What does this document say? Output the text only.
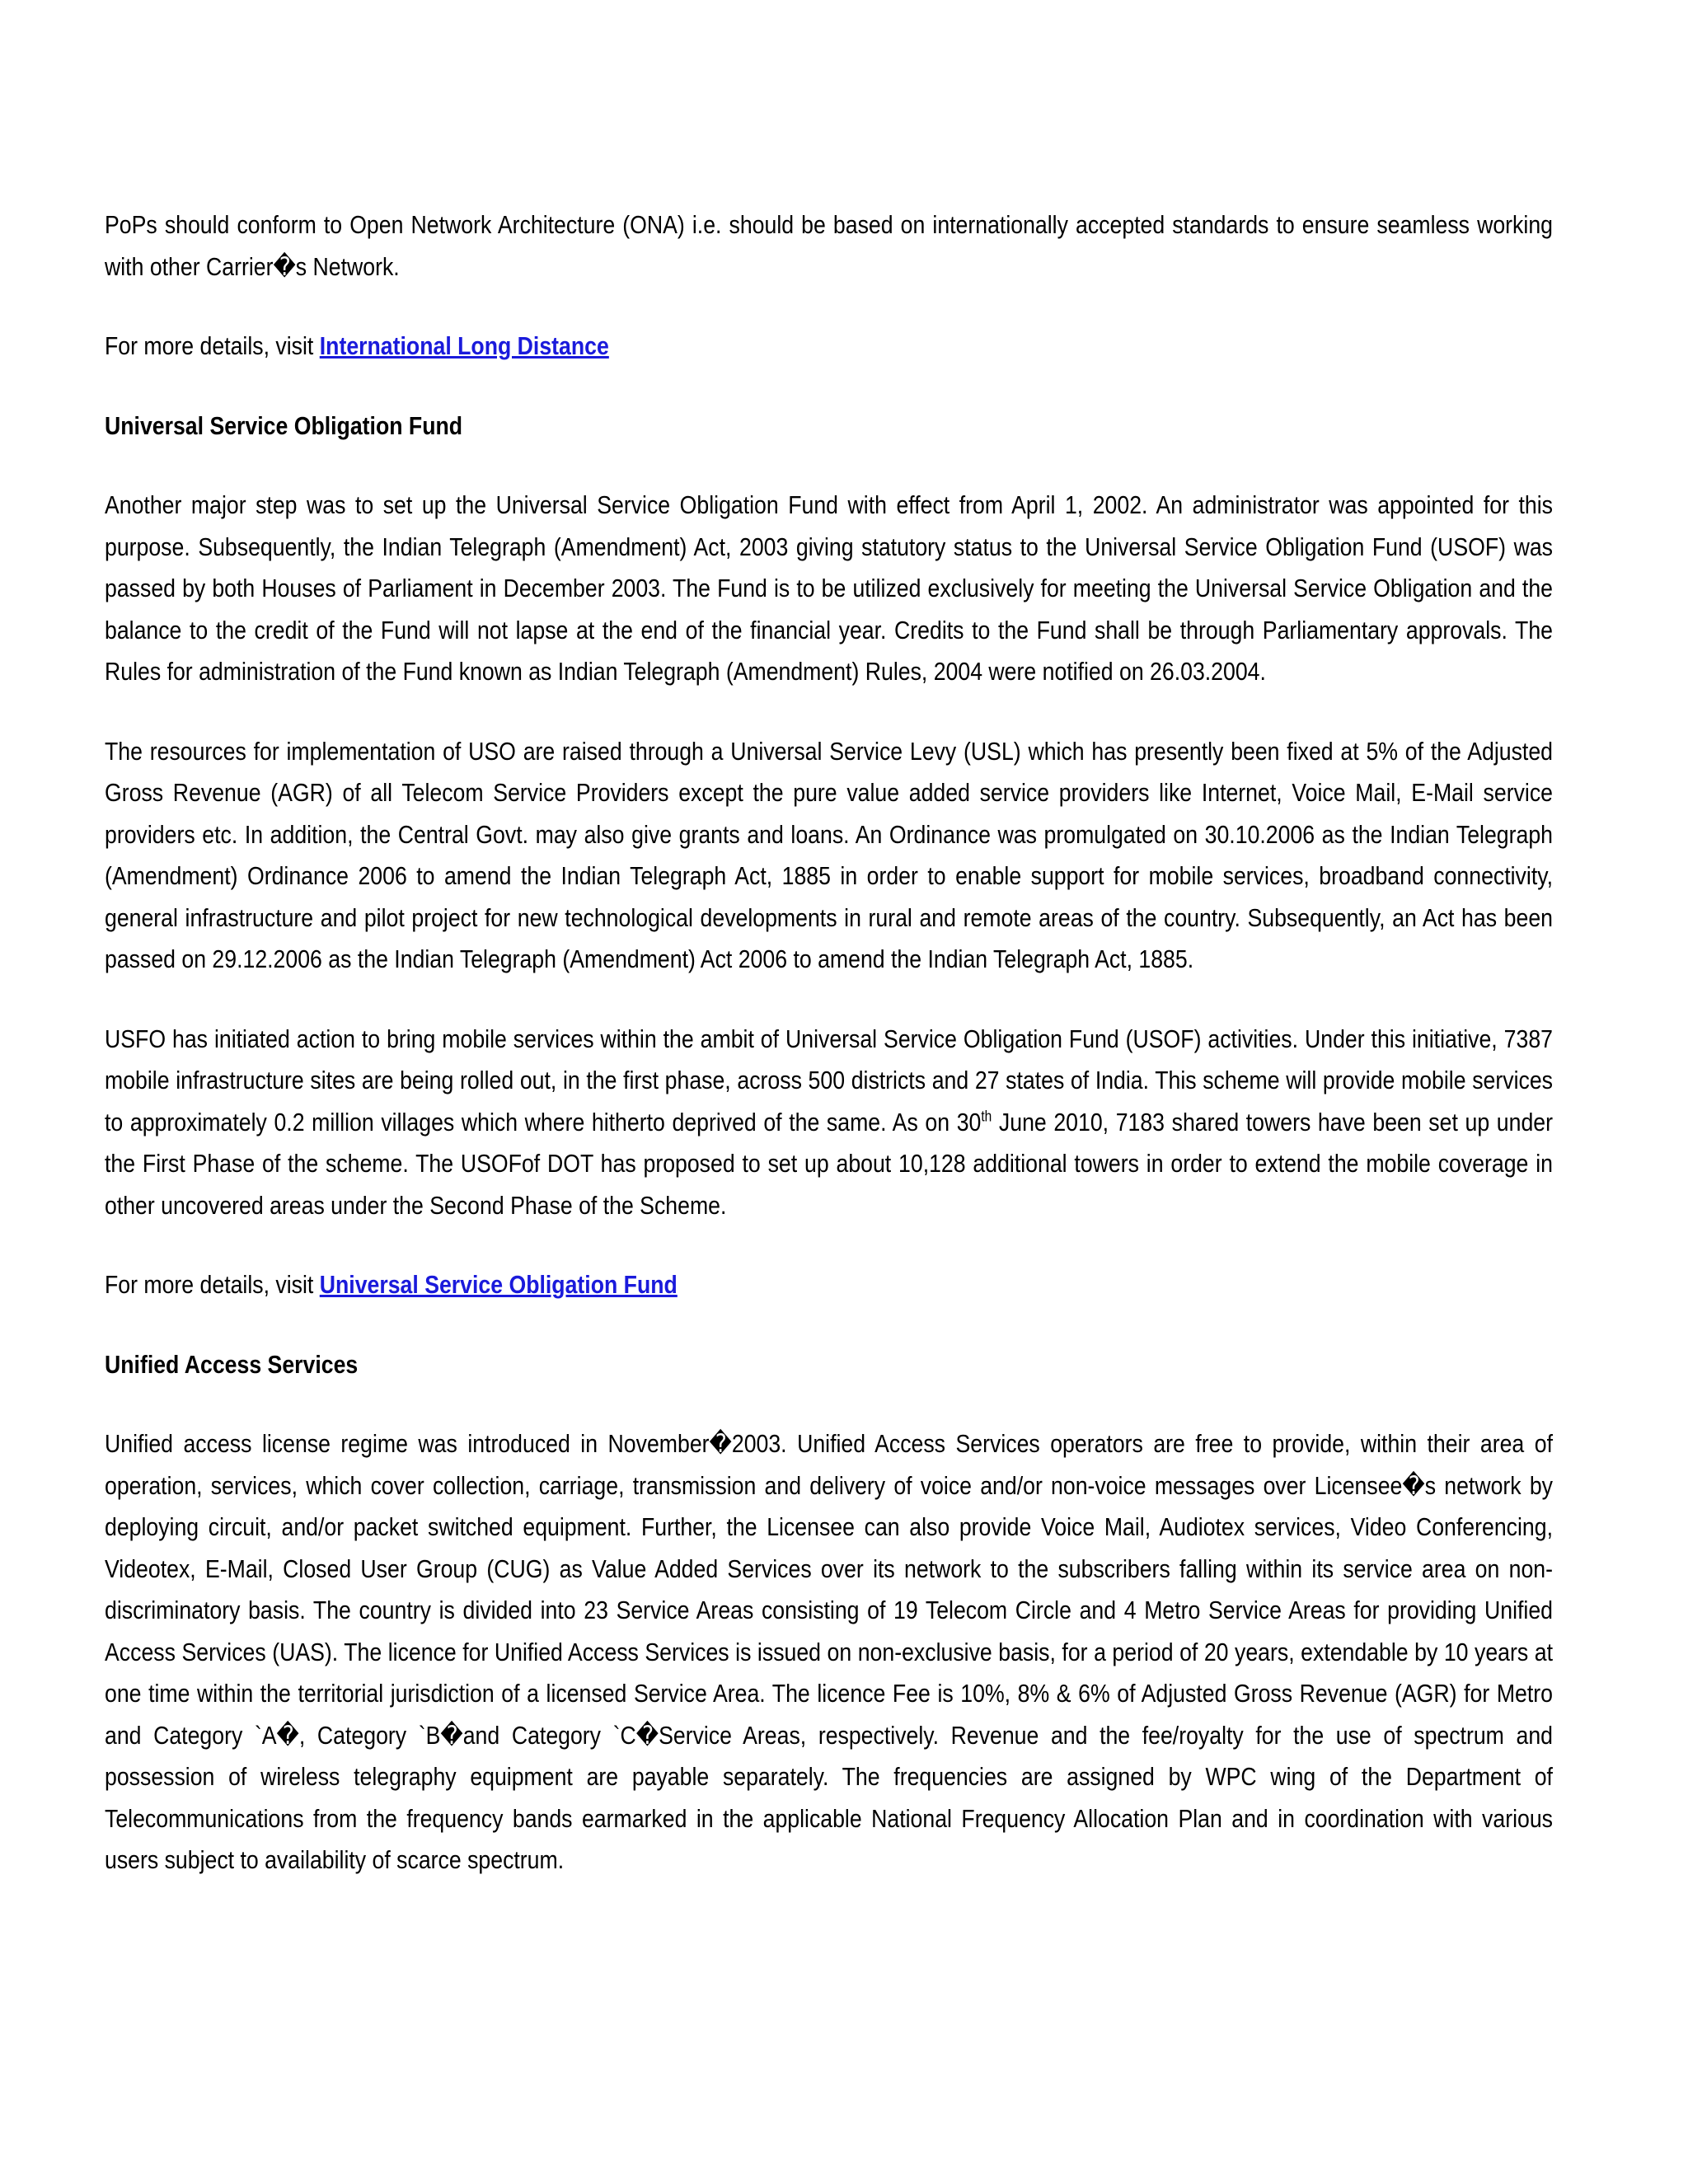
PoPs should conform to Open Network Architecture (ONA) i.e. should be based on internationally accepted standards to ensure seamless working with other Carrier�s Network.

For more details, visit International Long Distance

Universal Service Obligation Fund

Another major step was to set up the Universal Service Obligation Fund with effect from April 1, 2002. An administrator was appointed for this purpose. Subsequently, the Indian Telegraph (Amendment) Act, 2003 giving statutory status to the Universal Service Obligation Fund (USOF) was passed by both Houses of Parliament in December 2003. The Fund is to be utilized exclusively for meeting the Universal Service Obligation and the balance to the credit of the Fund will not lapse at the end of the financial year. Credits to the Fund shall be through Parliamentary approvals. The Rules for administration of the Fund known as Indian Telegraph (Amendment) Rules, 2004 were notified on 26.03.2004.

The resources for implementation of USO are raised through a Universal Service Levy (USL) which has presently been fixed at 5% of the Adjusted Gross Revenue (AGR) of all Telecom Service Providers except the pure value added service providers like Internet, Voice Mail, E-Mail service providers etc. In addition, the Central Govt. may also give grants and loans. An Ordinance was promulgated on 30.10.2006 as the Indian Telegraph (Amendment) Ordinance 2006 to amend the Indian Telegraph Act, 1885 in order to enable support for mobile services, broadband connectivity, general infrastructure and pilot project for new technological developments in rural and remote areas of the country. Subsequently, an Act has been passed on 29.12.2006 as the Indian Telegraph (Amendment) Act 2006 to amend the Indian Telegraph Act, 1885.

USFO has initiated action to bring mobile services within the ambit of Universal Service Obligation Fund (USOF) activities. Under this initiative, 7387 mobile infrastructure sites are being rolled out, in the first phase, across 500 districts and 27 states of India. This scheme will provide mobile services to approximately 0.2 million villages which where hitherto deprived of the same. As on 30th June 2010, 7183 shared towers have been set up under the First Phase of the scheme. The USOFof DOT has proposed to set up about 10,128 additional towers in order to extend the mobile coverage in other uncovered areas under the Second Phase of the Scheme.

For more details, visit Universal Service Obligation Fund

Unified Access Services

Unified access license regime was introduced in November�2003. Unified Access Services operators are free to provide, within their area of operation, services, which cover collection, carriage, transmission and delivery of voice and/or non-voice messages over Licensee�s network by deploying circuit, and/or packet switched equipment. Further, the Licensee can also provide Voice Mail, Audiotex services, Video Conferencing, Videotex, E-Mail, Closed User Group (CUG) as Value Added Services over its network to the subscribers falling within its service area on non-discriminatory basis. The country is divided into 23 Service Areas consisting of 19 Telecom Circle and 4 Metro Service Areas for providing Unified Access Services (UAS). The licence for Unified Access Services is issued on non-exclusive basis, for a period of 20 years, extendable by 10 years at one time within the territorial jurisdiction of a licensed Service Area. The licence Fee is 10%, 8% & 6% of Adjusted Gross Revenue (AGR) for Metro and Category `A�, Category `B�and Category `C�Service Areas, respectively. Revenue and the fee/royalty for the use of spectrum and possession of wireless telegraphy equipment are payable separately. The frequencies are assigned by WPC wing of the Department of Telecommunications from the frequency bands earmarked in the applicable National Frequency Allocation Plan and in coordination with various users subject to availability of scarce spectrum.
